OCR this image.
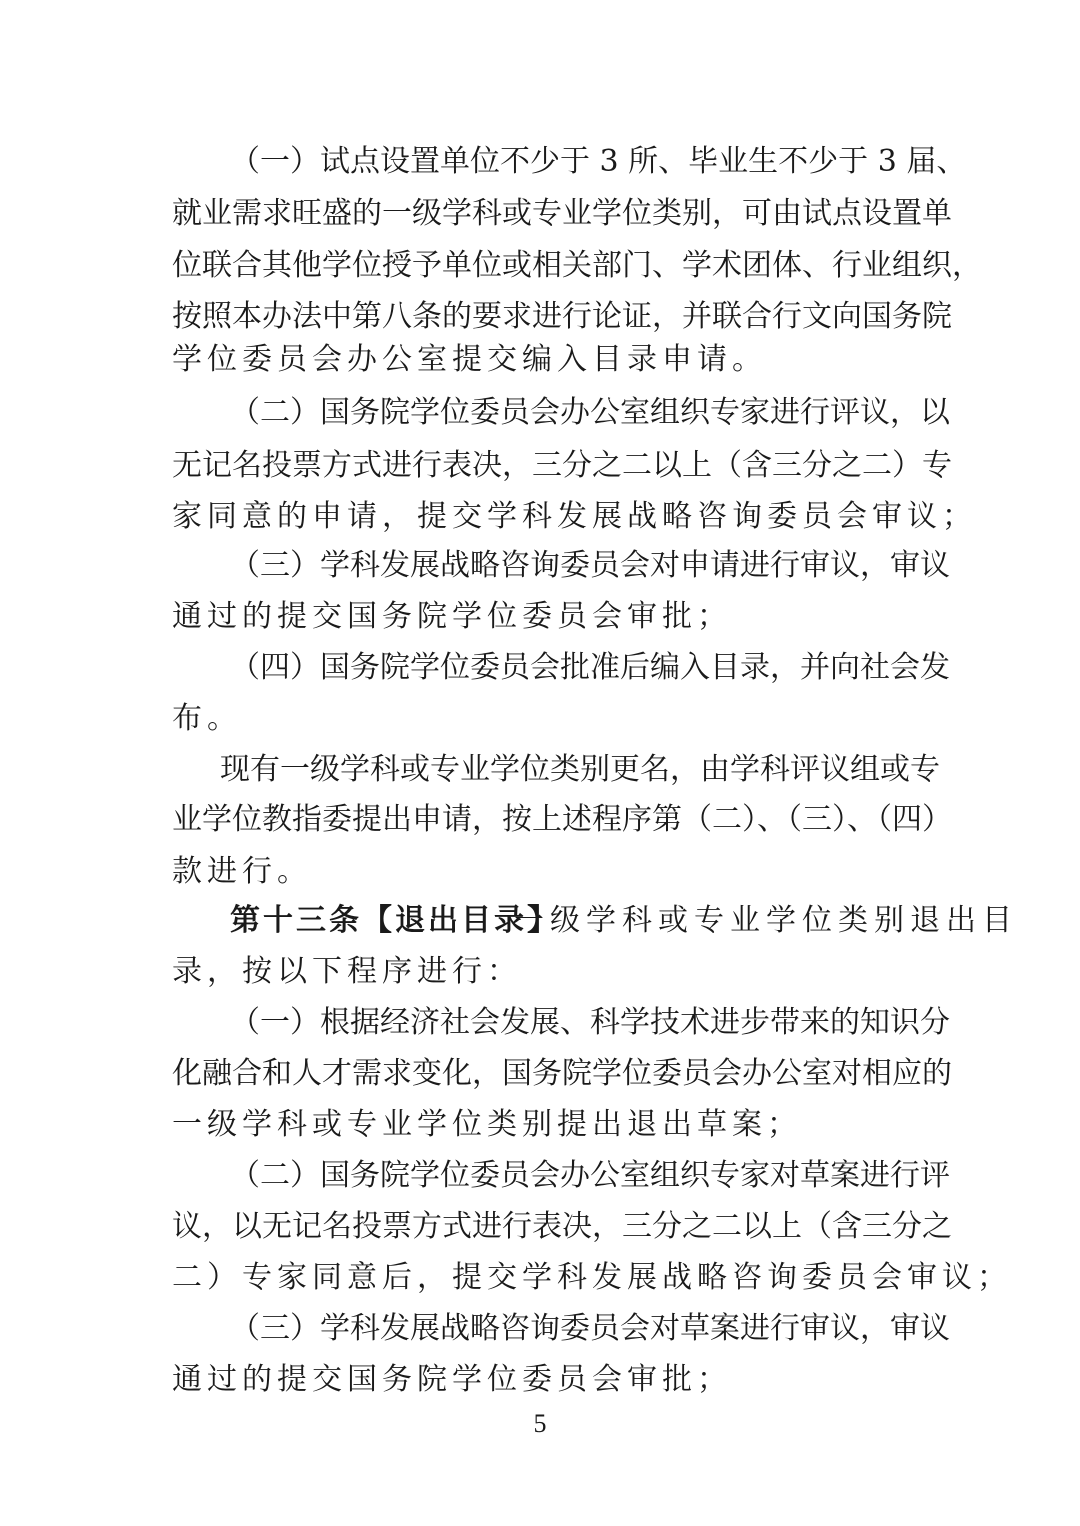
（一）试点设置单位不少于 3 所、毕业生不少于 3 届、
就业需求旺盛的一级学科或专业学位类别，可由试点设置单
位联合其他学位授予单位或相关部门、学术团体、行业组织，
按照本办法中第八条的要求进行论证，并联合行文向国务院
学位委员会办公室提交编入目录申请。
（二）国务院学位委员会办公室组织专家进行评议，以
无记名投票方式进行表决，三分之二以上（含三分之二）专
家同意的申请，提交学科发展战略咨询委员会审议；
（三）学科发展战略咨询委员会对申请进行审议，审议
通过的提交国务院学位委员会审批；
（四）国务院学位委员会批准后编入目录，并向社会发
布。
现有一级学科或专业学位类别更名，由学科评议组或专
业学位教指委提出申请，按上述程序第（二）、（三）、（四）
款进行。
第十三条【退出目录】
一级学科或专业学位类别退出目
录，按以下程序进行：
（一）根据经济社会发展、科学技术进步带来的知识分
化融合和人才需求变化，国务院学位委员会办公室对相应的
一级学科或专业学位类别提出退出草案；
（二）国务院学位委员会办公室组织专家对草案进行评
议，以无记名投票方式进行表决，三分之二以上（含三分之
二）专家同意后，提交学科发展战略咨询委员会审议；
（三）学科发展战略咨询委员会对草案进行审议，审议
通过的提交国务院学位委员会审批；
5
